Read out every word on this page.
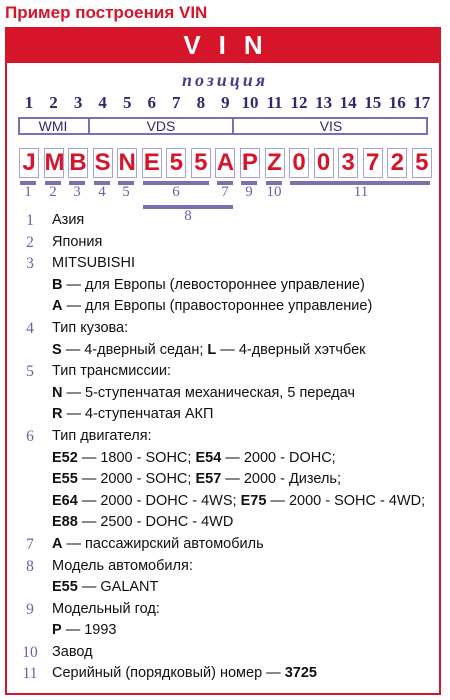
Пример построения VIN
VIN
позиция
1 2 3 4 5 6 7 8 9 10 11 12 13 14 15 16 17
WMI	VDS	VIS
J M B S N E 5 5 A P Z 0 0 3 7 2 5
1	2	3	4	5	6	7
8
9 10	11
1	Азия
2	Япония
3	MITSUBISHI
B — для Европы (левостороннее управление)
A — для Европы (правостороннее управление)
4	Тип кузова:
S — 4-дверный седан; L — 4-дверный хэтчбек
5	Тип трансмиссии:
N — 5-ступенчатая механическая, 5 передач
R — 4-ступенчатая АКП
6	Тип двигателя:
E52 — 1800 - SOHC; E54 — 2000 - DOHC;
E55 — 2000 - SOHC; E57 — 2000 - Дизель;
E64 — 2000 - DOHC - 4WS; E75 — 2000 - SOHC - 4WD;
E88 — 2500 - DOHC - 4WD
7	A — пассажирский автомобиль
8	Модель автомобиля:
E55 — GALANT
9	Модельный год:
P — 1993
10 Завод
11 Серийный (порядковый) номер — 3725
